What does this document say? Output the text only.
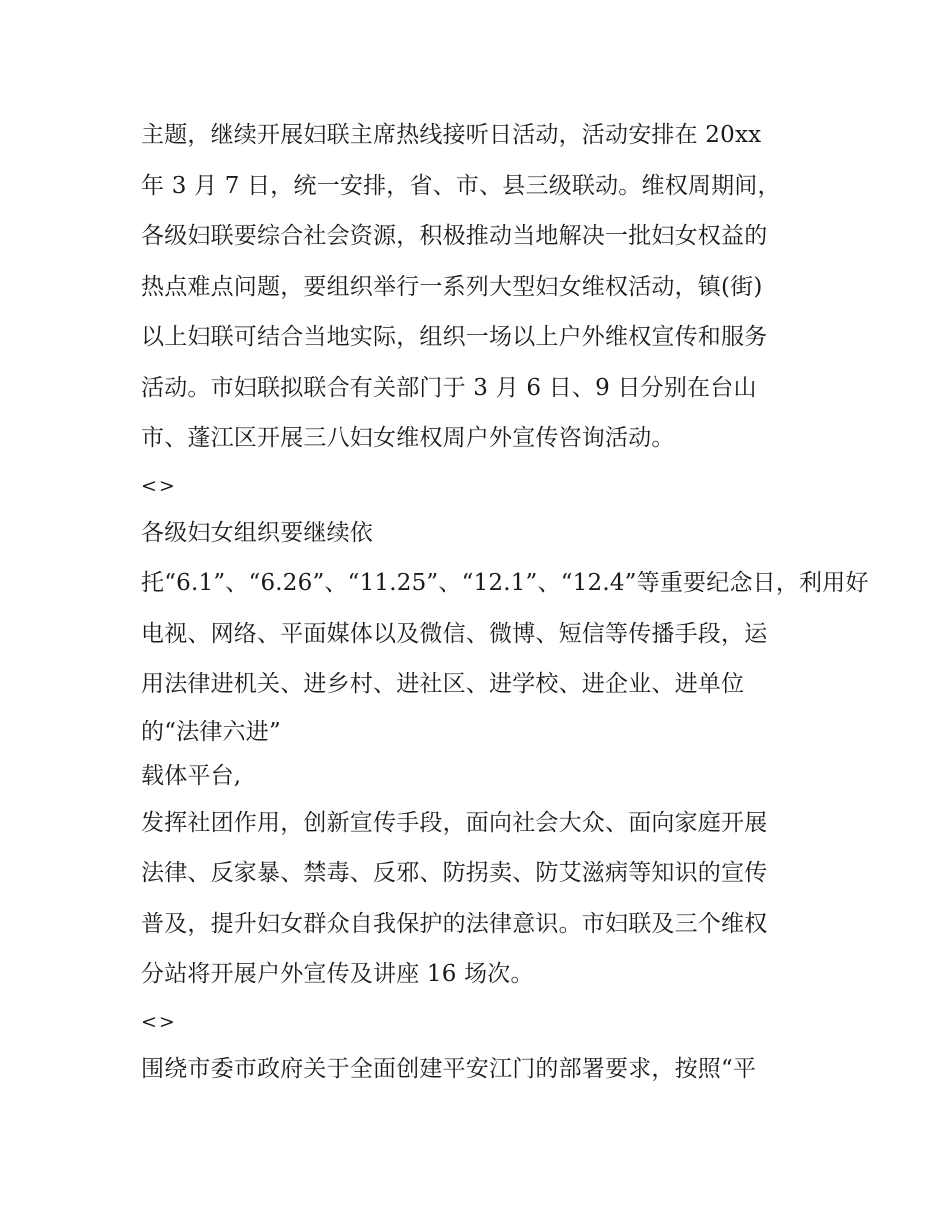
主题，继续开展妇联主席热线接听日活动，活动安排在 20xx
年 3 月 7 日，统一安排，省、市、县三级联动。维权周期间，
各级妇联要综合社会资源，积极推动当地解决一批妇女权益的
热点难点问题，要组织举行一系列大型妇女维权活动，镇(街)
以上妇联可结合当地实际，组织一场以上户外维权宣传和服务
活动。市妇联拟联合有关部门于 3 月 6 日、9 日分别在台山
市、蓬江区开展三八妇女维权周户外宣传咨询活动。
<>
各级妇女组织要继续依
托“6.1”、“6.26”、“11.25”、“12.1”、“12.4”等重要纪念日，利用好
电视、网络、平面媒体以及微信、微博、短信等传播手段，运
用法律进机关、进乡村、进社区、进学校、进企业、进单位
的“法律六进”
载体平台,
发挥社团作用，创新宣传手段，面向社会大众、面向家庭开展
法律、反家暴、禁毒、反邪、防拐卖、防艾滋病等知识的宣传
普及，提升妇女群众自我保护的法律意识。市妇联及三个维权
分站将开展户外宣传及讲座 16 场次。
<>
围绕市委市政府关于全面创建平安江门的部署要求，按照“平
